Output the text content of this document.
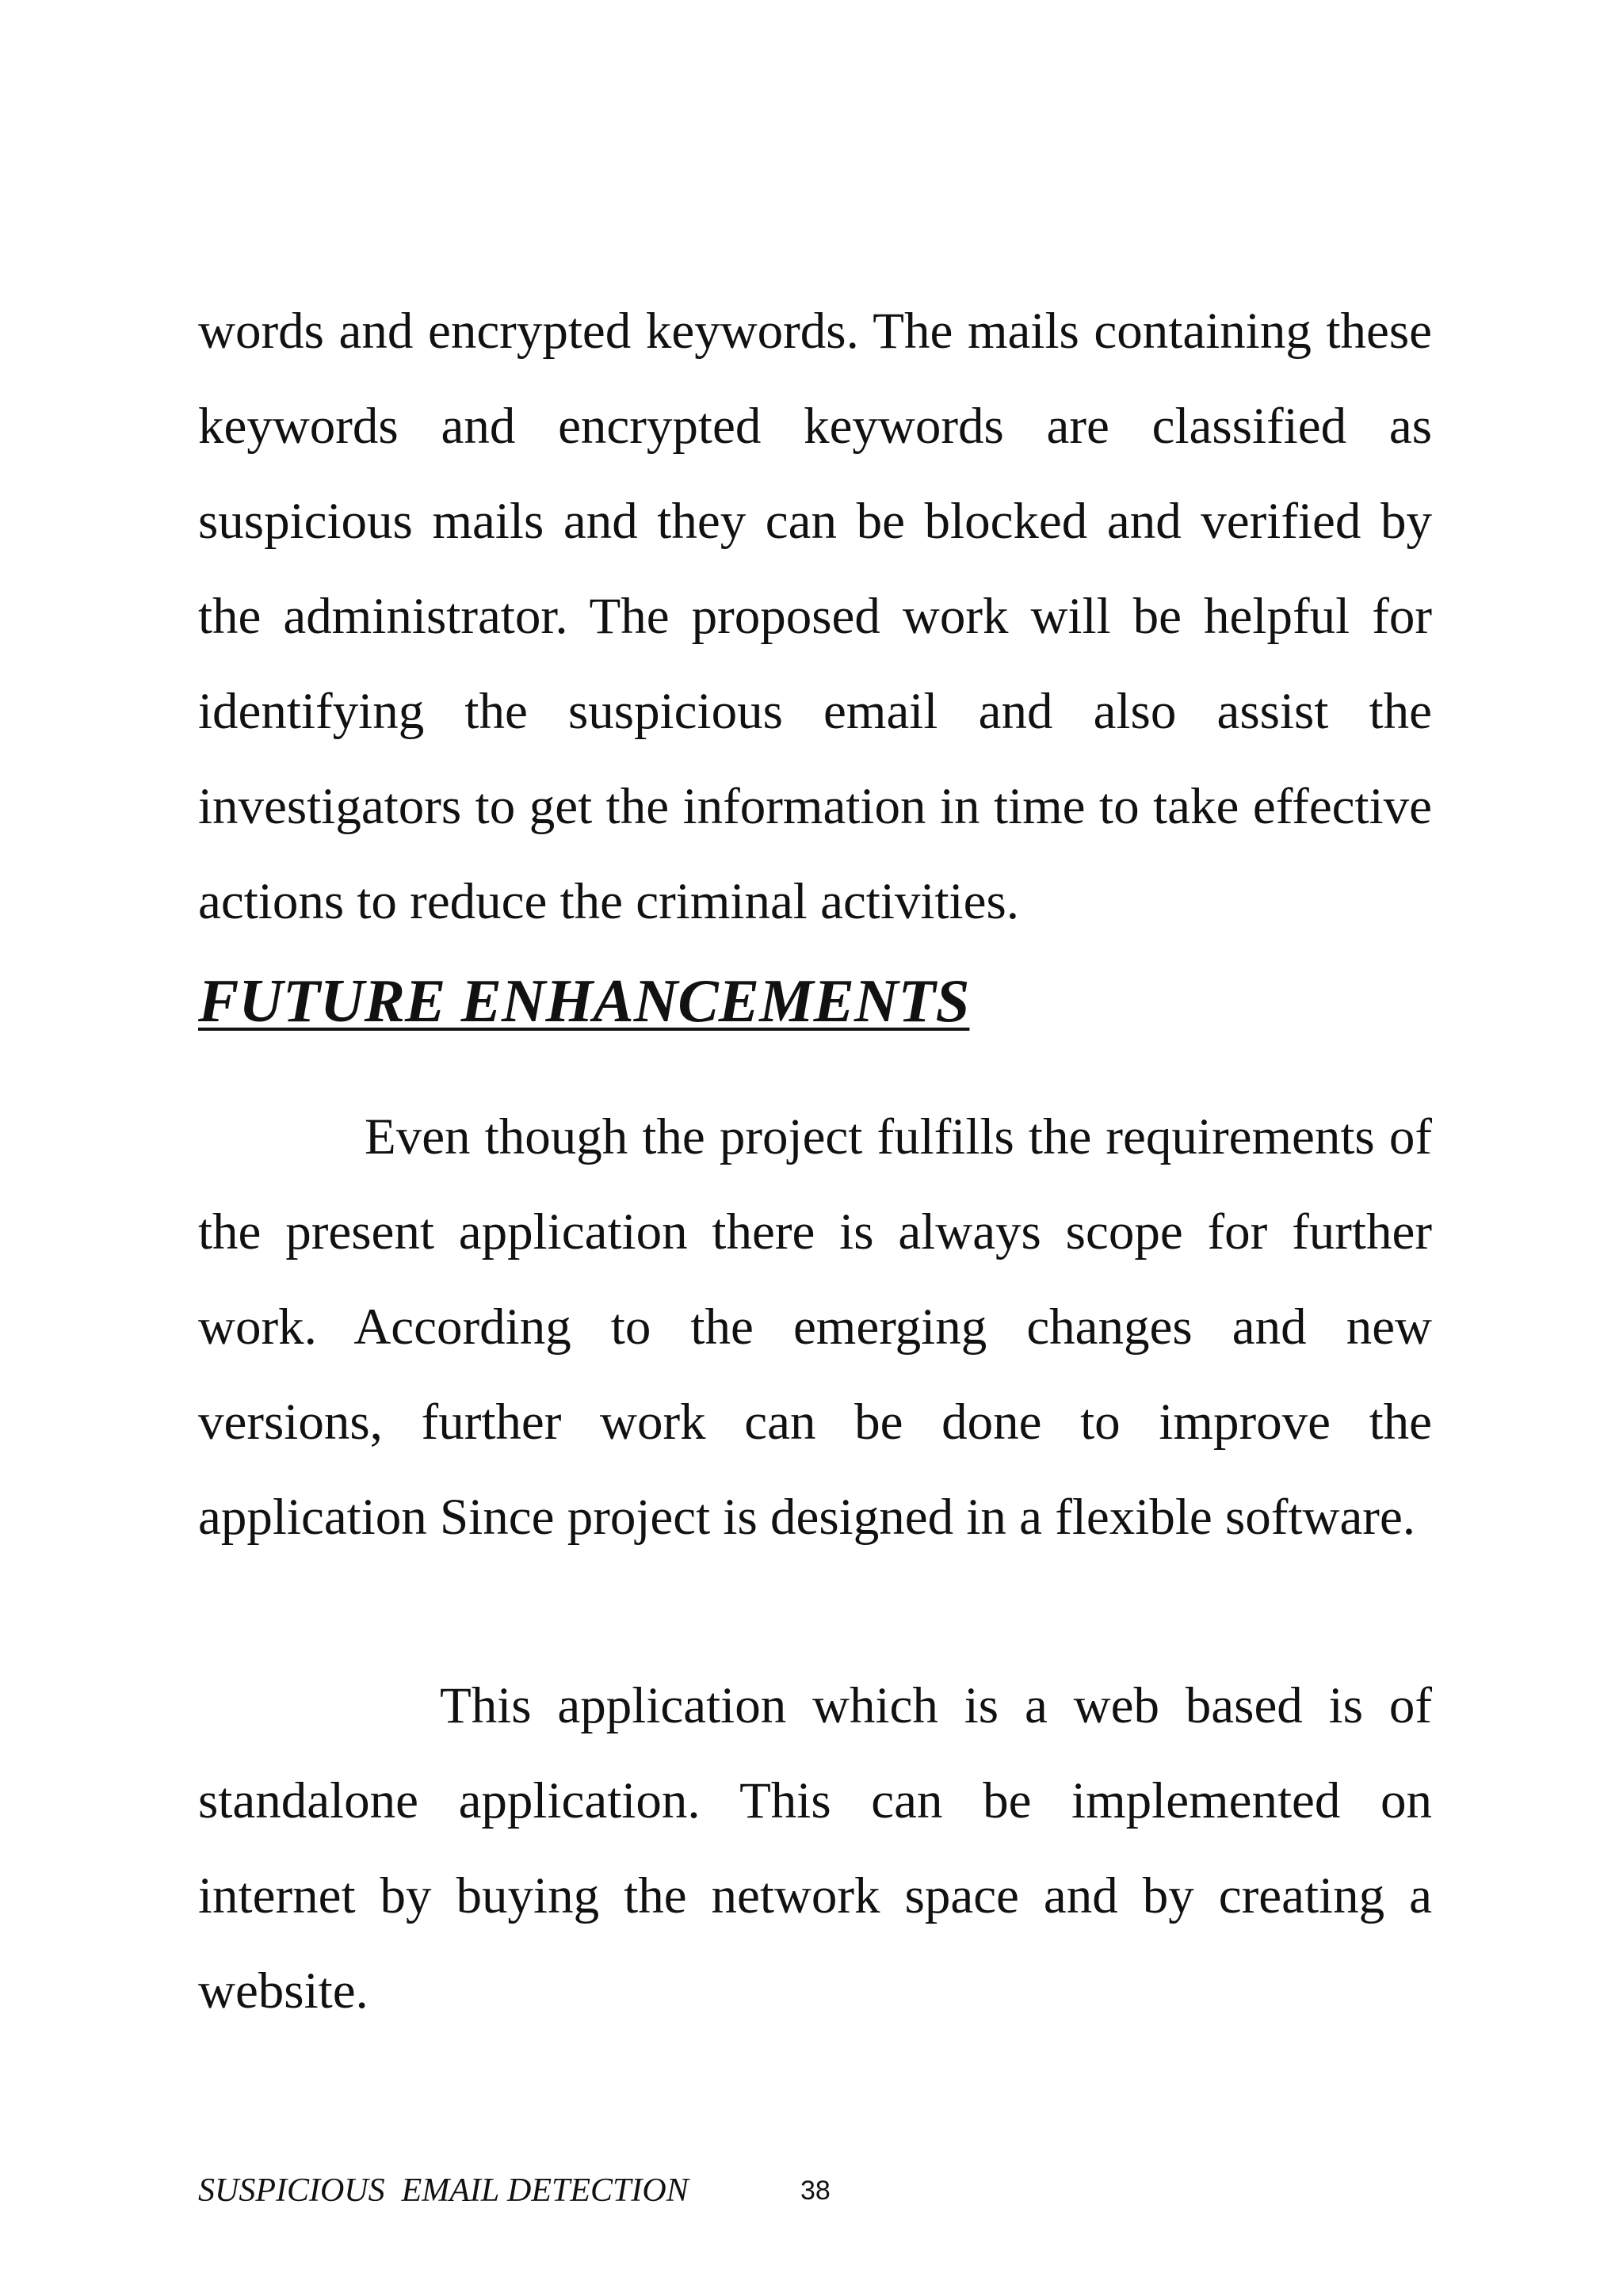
words and encrypted keywords. The mails containing these keywords and encrypted keywords are classified as suspicious mails and they can be blocked and verified by the administrator. The proposed work will be helpful for identifying the suspicious email and also assist the investigators to get the information in time to take effective actions to reduce the criminal activities.

FUTURE ENHANCEMENTS

Even though the project fulfills the requirements of the present application there is always scope for further work. According to the emerging changes and new versions, further work can be done to improve the application Since project is designed in a flexible software.

This application which is a web based is of standalone application. This can be implemented on internet by buying the network space and by creating a website.

SUSPICIOUS  EMAIL DETECTION	38
